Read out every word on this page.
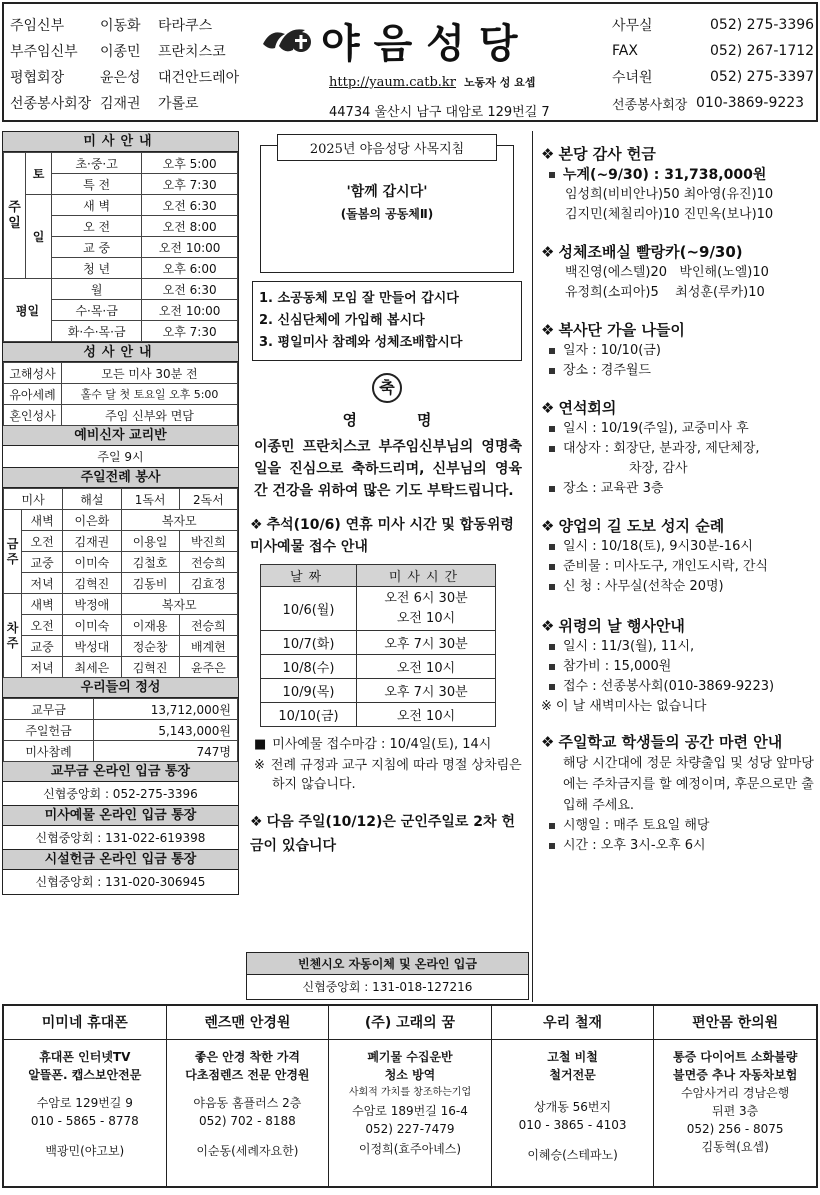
주임신부	이동화	타라쿠스
부주임신부	이종민	프란치스코
평협회장	윤은성	대건안드레아
선종봉사회장 김재권	가롤로
야음성당
http://yaum.catb.kr 노동자 성 요셉
44734 울산시 남구 대암로 129번길 7
사무실	052) 275-3396
FAX	052) 267-1712
수녀원	052) 275-3397
선종봉사회장 010-3869-9223
미사안내
주일	토	초·중·고	오후 5:00
		특 전	오후 7:30
	일	새 벽	오전 6:30
		오 전	오전 8:00
		교 중	오전 10:00
		청 년	오후 6:00
평일		월	오전 6:30
		수·목·금	오전 10:00
		화·수·목·금	오후 7:30
성사안내
고해성사	모든 미사 30분 전
유아세례	홀수 달 첫 토요일 오후 5:00
혼인성사	주임 신부와 면담
예비신자 교리반
주일 9시
주일전례 봉사
미사		해설	1독서	2독서
금주	새벽	이은화	복자모	
	오전	김재권	이용일	박진희
	교중	이미숙	김철호	전승희
	저녁	김혁진	김동비	김효정
차주	새벽	박정애	복자모	
	오전	이미숙	이재용	전승희
	교중	박성대	정순창	배계현
	저녁	최세은	김혁진	윤주은
우리들의 정성
교무금	13,712,000원
주일헌금	5,143,000원
미사참례	747명
교무금 온라인 입금 통장
신협중앙회 : 052-275-3396
미사예물 온라인 입금 통장
신협중앙회 : 131-022-619398
시설헌금 온라인 입금 통장
신협중앙회 : 131-020-306945
2025년 야음성당 사목지침
'함께 갑시다'
(돌봄의 공동체Ⅱ)
1. 소공동체 모임 잘 만들어 갑시다
2. 신심단체에 가입해 봅시다
3. 평일미사 참례와 성체조배합시다
축
영명
이종민 프란치스코 부주임신부님의 영명축일을 진심으로 축하드리며, 신부님의 영육간 건강을 위하여 많은 기도 부탁드립니다.
❖ 추석(10/6) 연휴 미사 시간 및 합동위령 미사예물 접수 안내
날짜	미사시간
10/6(월)	오전 6시 30분
오전 10시

10/7(화)	오후 7시 30분
10/8(수)	오전 10시
10/9(목)	오후 7시 30분
10/10(금)	오전 10시
■ 미사예물 접수마감 : 10/4일(토), 14시
※ 전례 규정과 교구 지침에 따라 명절 상차림은 하지 않습니다.
❖ 다음 주일(10/12)은 군인주일로 2차 헌금이 있습니다
빈첸시오 자동이체 및 온라인 입금
신협중앙회 : 131-018-127216
❖ 본당 감사 헌금
누계(~9/30) : 31,738,000원
임성희(비비안나)50 최아영(유진)10
김지민(체칠리아)10 진민옥(보나)10
❖ 성체조배실 빨랑카(~9/30)
백진영(에스텔)20   박인해(노엘)10
유정희(소피아)5    최성훈(루카)10
❖ 복사단 가을 나들이
일자 : 10/10(금)
장소 : 경주월드
❖ 연석회의
일시 : 10/19(주일), 교중미사 후
대상자 : 회장단, 분과장, 제단체장,
차장, 감사
장소 : 교육관 3층
❖ 양업의 길 도보 성지 순례
일시 : 10/18(토), 9시30분-16시
준비물 : 미사도구, 개인도시락, 간식
신 청 : 사무실(선착순 20명)
❖ 위령의 날 행사안내
일시 : 11/3(월), 11시,
참가비 : 15,000원
접수 : 선종봉사회(010-3869-9223)
※ 이 날 새벽미사는 없습니다
❖ 주일학교 학생들의 공간 마련 안내
해당 시간대에 정문 차량출입 및 성당 앞마당에는 주차금지를 할 예정이며, 후문으로만 출입해 주세요.
시행일 : 매주 토요일 해당
시간 : 오후 3시-오후 6시
미미네 휴대폰
휴대폰 인터넷TV
알뜰폰. 캡스보안전문
수암로 129번길 9
010 - 5865 - 8778
백광민(야고보)
렌즈맨 안경원
좋은 안경 착한 가격
다초점렌즈 전문 안경원
야음동 홈플러스 2층
052) 702 - 8188
이순동(세례자요한)
(주) 고래의 꿈
폐기물 수집운반
청소 방역
사회적 가치를 창조하는기업
수암로 189번길 16-4
052) 227-7479
이정희(효주아녜스)
우리 철재
고철 비철
철거전문
상개동 56번지
010 - 3865 - 4103
이혜승(스테파노)
편안몸 한의원
통증 다이어트 소화불량
불면증 추나 자동차보험
수암사거리 경남은행
뒤편 3층
052) 256 - 8075
김동혁(요셉)
